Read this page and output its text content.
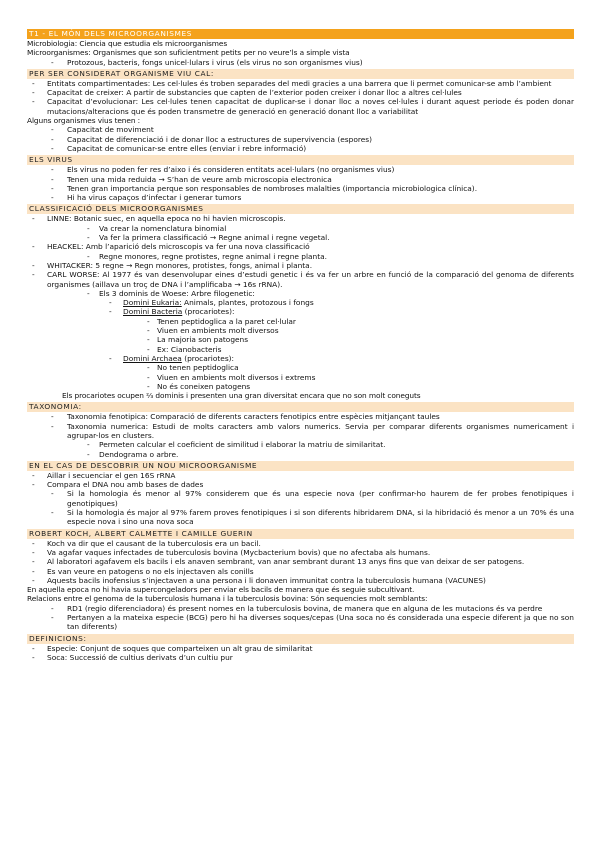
T1 - EL MÓN DELS MICROORGANISMES
Microbiologia: Ciencia que estudia els microorganismes
Microorganismes: Organismes que son suficientment petits per no veure’ls a simple vista
- Protozous, bacteris, fongs unicel·lulars i virus (els virus no son organismes vius)
PER SER CONSIDERAT ORGANISME VIU CAL:
- Entitats compartimentades: Les cel·lules és troben separades del medi gracies a una barrera que li permet comunicar-se amb l’ambient
- Capacitat de creixer: A partir de substancies que capten de l’exterior poden creixer i donar lloc a altres cel·lules
- Capacitat d’evolucionar: Les cel·lules tenen capacitat de duplicar-se i donar lloc a noves cel·lules i durant aquest periode és poden donar mutacions/alteracions que és poden transmetre de generació en generació donant lloc a variabilitat
Alguns organismes vius tenen :
- Capacitat de moviment
- Capacitat de diferenciació i de donar lloc a estructures de supervivencia (espores)
- Capacitat de comunicar-se entre elles (enviar i rebre informació)
ELS VIRUS
- Els virus no poden fer res d’aixo i és consideren entitats acel·lulars (no organismes vius)
- Tenen una mida reduida → S’han de veure amb microscopia electronica
- Tenen gran importancia perque son responsables de nombroses malalties (importancia microbiologica clínica).
- Hi ha virus capaços d’infectar i generar tumors
CLASSIFICACIÓ DELS MICROORGANISMES
- LINNE: Botanic suec, en aquella epoca no hi havien microscopis.
- Va crear la nomenclatura binomial
- Va fer la primera classificació → Regne animal i regne vegetal.
- HEACKEL: Amb l’aparició dels microscopis va fer una nova classificació
- Regne monores, regne protistes, regne animal i regne planta.
- WHITACKER: 5 regne → Regn monores, protistes, fongs, animal i planta.
- CARL WORSE: Al 1977 és van desenvolupar eines d’estudi genetic i és va fer un arbre en funció de la comparació del genoma de diferents organismes (aillava un troç de DNA i l’amplificaba → 16s rRNA).
- Els 3 dominis de Woese: Arbre filogenetic:
- Domini Eukaria: Animals, plantes, protozous i fongs
- Domini Bacteria (procariotes):
- Tenen peptidoglica a la paret cel·lular
- Viuen en ambients molt diversos
- La majoria son patogens
- Ex: Cianobacteris
- Domini Archaea (procariotes):
- No tenen peptidoglica
- Viuen en ambients molt diversos i extrems
- No és coneixen patogens
Els procariotes ocupen ⅔ dominis i presenten una gran diversitat encara que no son molt coneguts
TAXONOMIA:
- Taxonomia fenotipica: Comparació de diferents caracters fenotipics entre espècies mitjançant taules
- Taxonomia numerica: Estudi de molts caracters amb valors numerics. Servia per comparar diferents organismes numericament i agrupar-los en clusters.
- Permeten calcular el coeficient de similitud i elaborar la matriu de similaritat.
- Dendograma o arbre.
EN EL CAS DE DESCOBRIR UN NOU MICROORGANISME
- Aillar i secuenciar el gen 16S rRNA
- Compara el DNA nou amb bases de dades
- Si la homologia és menor al 97% considerem que és una especie nova (per confirmar-ho haurem de fer probes fenotipiques i genotipiques)
- Si la homologia és major al 97% farem proves fenotipiques i si son diferents hibridarem DNA, si la hibridació és menor a un 70% és una especie nova i sino una nova soca
ROBERT KOCH, ALBERT CALMETTE I CAMILLE GUERIN
- Koch va dir que el causant de la tuberculosis era un bacil.
- Va agafar vaques infectades de tuberculosis bovina (Mycbacterium bovis) que no afectaba als humans.
- Al laboratori agafavem els bacils i els anaven sembrant, van anar sembrant durant 13 anys fins que van deixar de ser patogens.
- Es van veure en patogens o no els injectaven als conills
- Aquests bacils inofensius s’injectaven a una persona i li donaven immunitat contra la tuberculosis humana (VACUNES)
En aquella epoca no hi havia supercongeladors per enviar els bacils de manera que és seguie subcultivant.
Relacions entre el genoma de la tuberculosis humana i la tuberculosis bovina: Són sequencies molt semblants:
- RD1 (regio diferenciadora) és present nomes en la tuberculosis bovina, de manera que en alguna de les mutacions és va perdre
- Pertanyen a la mateixa especie (BCG) pero hi ha diverses soques/cepas (Una soca no és considerada una especie diferent ja que no son tan diferents)
DEFINICIONS:
- Especie: Conjunt de soques que comparteixen un alt grau de similaritat
- Soca: Successió de cultius derivats d’un cultiu pur
